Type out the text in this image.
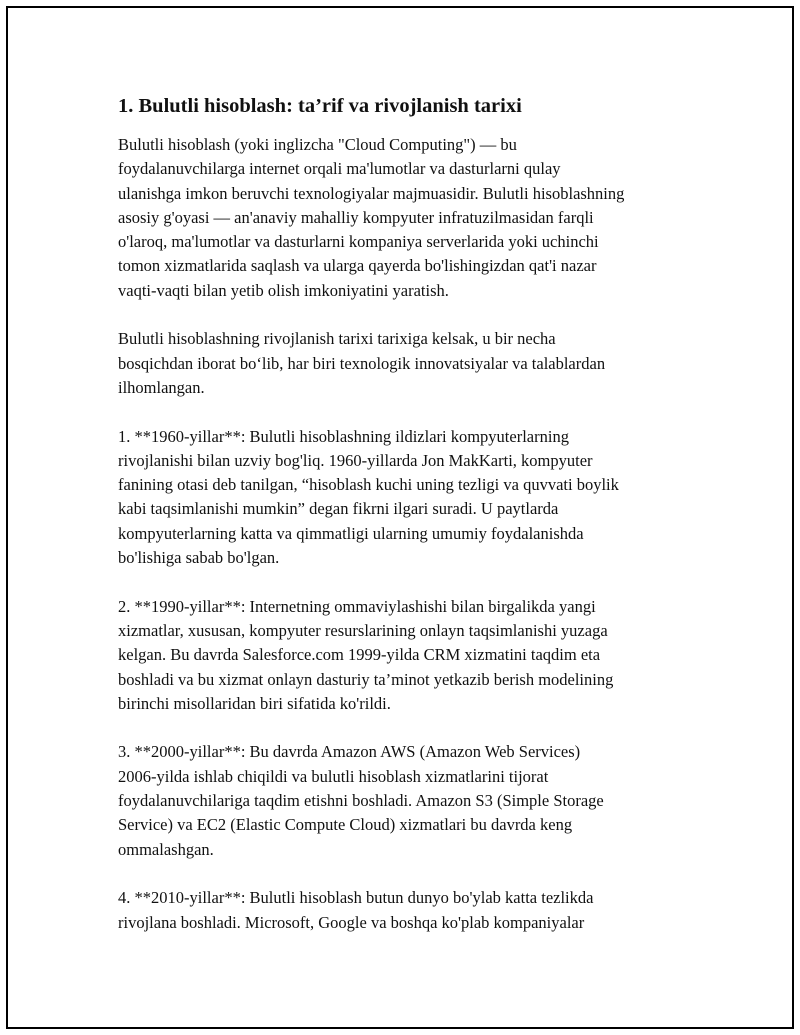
1. Bulutli hisoblash: ta’rif va rivojlanish tarixi
Bulutli hisoblash (yoki inglizcha "Cloud Computing") — bu
foydalanuvchilarga internet orqali ma'lumotlar va dasturlarni qulay
ulanishga imkon beruvchi texnologiyalar majmuasidir. Bulutli hisoblashning
asosiy g'oyasi — an'anaviy mahalliy kompyuter infratuzilmasidan farqli
o'laroq, ma'lumotlar va dasturlarni kompaniya serverlarida yoki uchinchi
tomon xizmatlarida saqlash va ularga qayerda bo'lishingizdan qat'i nazar
vaqti-vaqti bilan yetib olish imkoniyatini yaratish.
Bulutli hisoblashning rivojlanish tarixi tarixiga kelsak, u bir necha
bosqichdan iborat bo‘lib, har biri texnologik innovatsiyalar va talablardan
ilhomlangan.
1. **1960-yillar**: Bulutli hisoblashning ildizlari kompyuterlarning
rivojlanishi bilan uzviy bog'liq. 1960-yillarda Jon MakKarti, kompyuter
fanining otasi deb tanilgan, “hisoblash kuchi uning tezligi va quvvati boylik
kabi taqsimlanishi mumkin” degan fikrni ilgari suradi. U paytlarda
kompyuterlarning katta va qimmatligi ularning umumiy foydalanishda
bo'lishiga sabab bo'lgan.
2. **1990-yillar**: Internetning ommaviylashishi bilan birgalikda yangi
xizmatlar, xususan, kompyuter resurslarining onlayn taqsimlanishi yuzaga
kelgan. Bu davrda Salesforce.com 1999-yilda CRM xizmatini taqdim eta
boshladi va bu xizmat onlayn dasturiy ta’minot yetkazib berish modelining
birinchi misollaridan biri sifatida ko'rildi.
3. **2000-yillar**: Bu davrda Amazon AWS (Amazon Web Services)
2006-yilda ishlab chiqildi va bulutli hisoblash xizmatlarini tijorat
foydalanuvchilariga taqdim etishni boshladi. Amazon S3 (Simple Storage
Service) va EC2 (Elastic Compute Cloud) xizmatlari bu davrda keng
ommalashgan.
4. **2010-yillar**: Bulutli hisoblash butun dunyo bo'ylab katta tezlikda
rivojlana boshladi. Microsoft, Google va boshqa ko'plab kompaniyalar
